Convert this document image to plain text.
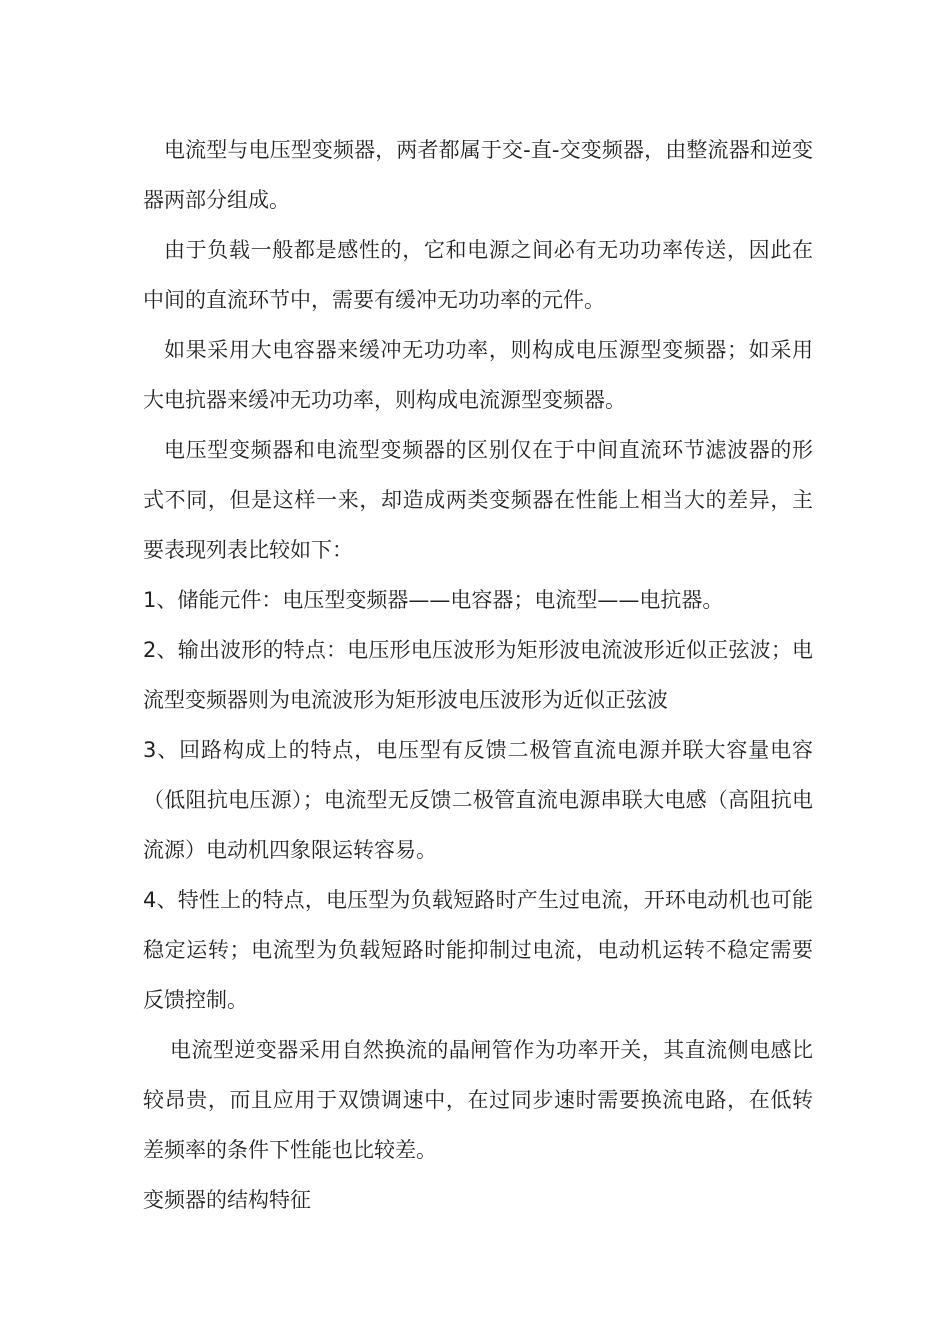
电流型与电压型变频器，两者都属于交-直-交变频器，由整流器和逆变器两部分组成。

由于负载一般都是感性的，它和电源之间必有无功功率传送，因此在中间的直流环节中，需要有缓冲无功功率的元件。

如果采用大电容器来缓冲无功功率，则构成电压源型变频器；如采用大电抗器来缓冲无功功率，则构成电流源型变频器。

电压型变频器和电流型变频器的区别仅在于中间直流环节滤波器的形式不同，但是这样一来，却造成两类变频器在性能上相当大的差异，主要表现列表比较如下：

1、储能元件：电压型变频器——电容器；电流型——电抗器。

2、输出波形的特点：电压形电压波形为矩形波电流波形近似正弦波；电流型变频器则为电流波形为矩形波电压波形为近似正弦波

3、回路构成上的特点，电压型有反馈二极管直流电源并联大容量电容（低阻抗电压源）；电流型无反馈二极管直流电源串联大电感（高阻抗电流源）电动机四象限运转容易。

4、特性上的特点，电压型为负载短路时产生过电流，开环电动机也可能稳定运转；电流型为负载短路时能抑制过电流，电动机运转不稳定需要反馈控制。

电流型逆变器采用自然换流的晶闸管作为功率开关，其直流侧电感比较昂贵，而且应用于双馈调速中，在过同步速时需要换流电路，在低转差频率的条件下性能也比较差。

变频器的结构特征
